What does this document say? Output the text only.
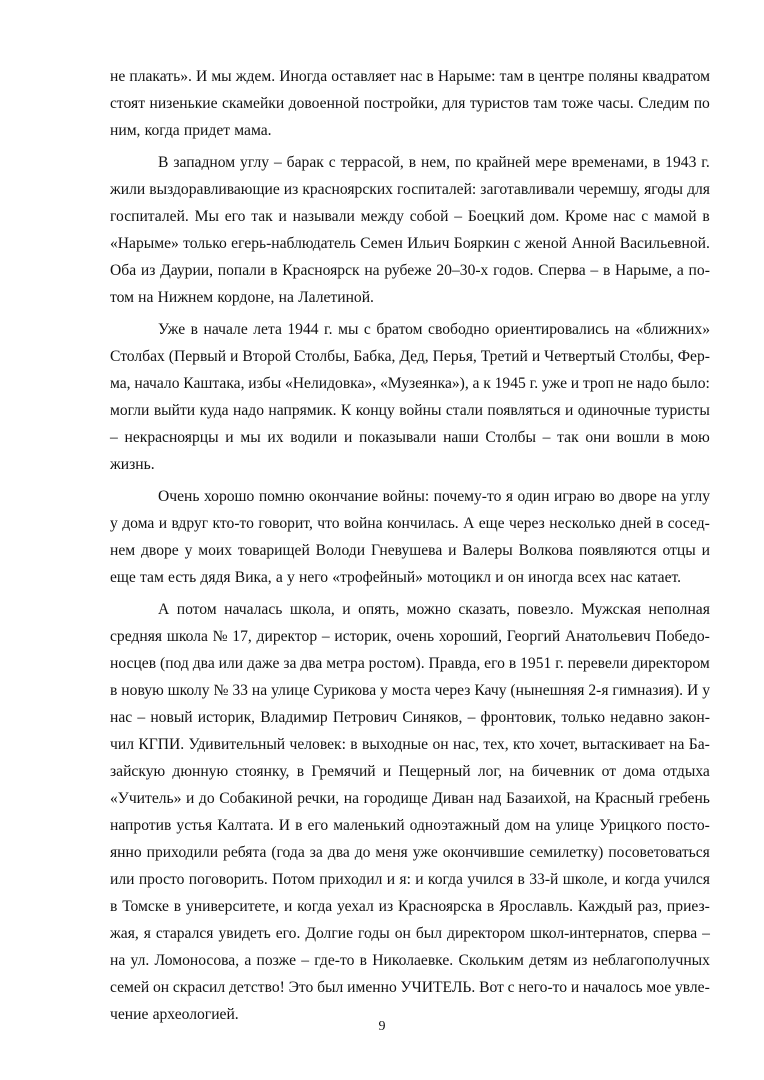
не плакать». И мы ждем. Иногда оставляет нас в Нарыме: там в центре поляны квадратом
стоят низенькие скамейки довоенной постройки, для туристов там тоже часы. Следим по
ним, когда придет мама.
В западном углу – барак с террасой, в нем, по крайней мере временами, в 1943 г.
жили выздоравливающие из красноярских госпиталей: заготавливали черемшу, ягоды для
госпиталей. Мы его так и называли между собой – Боецкий дом. Кроме нас с мамой в
«Нарыме» только егерь-наблюдатель Семен Ильич Бояркин с женой Анной Васильевной.
Оба из Даурии, попали в Красноярск на рубеже 20–30-х годов. Сперва – в Нарыме, а по-
том на Нижнем кордоне, на Лалетиной.
Уже в начале лета 1944 г. мы с братом свободно ориентировались на «ближних»
Столбах (Первый и Второй Столбы, Бабка, Дед, Перья, Третий и Четвертый Столбы, Фер-
ма, начало Каштака, избы «Нелидовка», «Музеянка»), а к 1945 г. уже и троп не надо было:
могли выйти куда надо напрямик. К концу войны стали появляться и одиночные туристы
– некрасноярцы и мы их водили и показывали наши Столбы – так они вошли в мою
жизнь.
Очень хорошо помню окончание войны: почему-то я один играю во дворе на углу
у дома и вдруг кто-то говорит, что война кончилась. А еще через несколько дней в сосед-
нем дворе у моих товарищей Володи Гневушева и Валеры Волкова появляются отцы и
еще там есть дядя Вика, а у него «трофейный» мотоцикл и он иногда всех нас катает.
А потом началась школа, и опять, можно сказать, повезло. Мужская неполная
средняя школа № 17, директор – историк, очень хороший, Георгий Анатольевич Победо-
носцев (под два или даже за два метра ростом). Правда, его в 1951 г. перевели директором
в новую школу № 33 на улице Сурикова у моста через Качу (нынешняя 2-я гимназия). И у
нас – новый историк, Владимир Петрович Синяков, – фронтовик, только недавно закон-
чил КГПИ. Удивительный человек: в выходные он нас, тех, кто хочет, вытаскивает на Ба-
зайскую дюнную стоянку, в Гремячий и Пещерный лог, на бичевник от дома отдыха
«Учитель» и до Собакиной речки, на городище Диван над Базаихой, на Красный гребень
напротив устья Калтата. И в его маленький одноэтажный дом на улице Урицкого посто-
янно приходили ребята (года за два до меня уже окончившие семилетку) посоветоваться
или просто поговорить. Потом приходил и я: и когда учился в 33-й школе, и когда учился
в Томске в университете, и когда уехал из Красноярска в Ярославль. Каждый раз, приез-
жая, я старался увидеть его. Долгие годы он был директором школ-интернатов, сперва –
на ул. Ломоносова, а позже – где-то в Николаевке. Скольким детям из неблагополучных
семей он скрасил детство! Это был именно УЧИТЕЛЬ. Вот с него-то и началось мое увле-
чение археологией.
9
